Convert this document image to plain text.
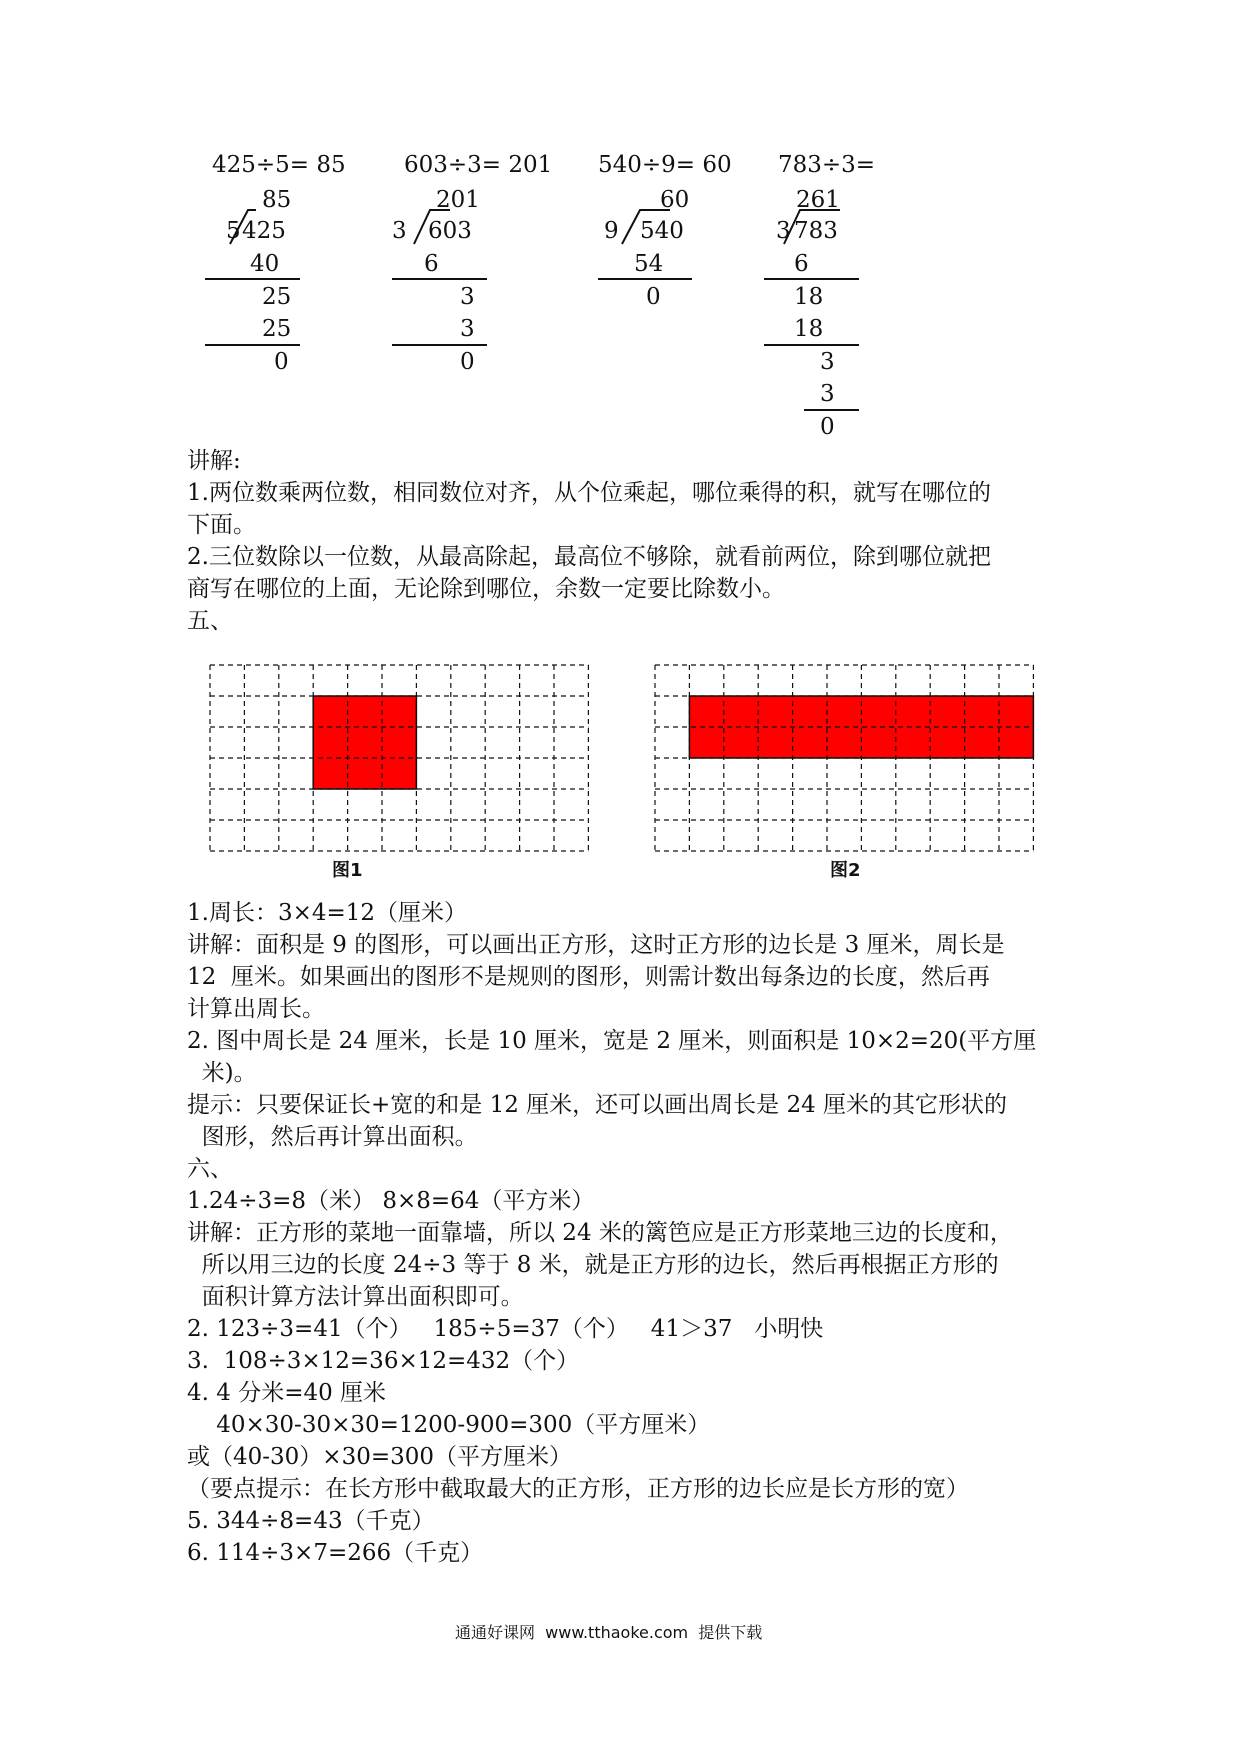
425÷5= 85
85
5 425
40
25
25
0
603÷3= 201
201
3 603
6
3
3
0
540÷9= 60
60
9 540
54
0
783÷3=
261
3 783
6
18
18
3
3
0
讲解:
1.两位数乘两位数，相同数位对齐，从个位乘起，哪位乘得的积，就写在哪位的
下面。
2.三位数除以一位数，从最高除起，最高位不够除，就看前两位，除到哪位就把
商写在哪位的上面，无论除到哪位，余数一定要比除数小。
五、
图1	图2
1.周长：3×4=12（厘米）
讲解：面积是 9 的图形，可以画出正方形，这时正方形的边长是 3 厘米，周长是
12  厘米。如果画出的图形不是规则的图形，则需计数出每条边的长度，然后再
计算出周长。
2. 图中周长是 24 厘米，长是 10 厘米，宽是 2 厘米，则面积是 10×2=20(平方厘
米)。
提示：只要保证长+宽的和是 12 厘米，还可以画出周长是 24 厘米的其它形状的
图形，然后再计算出面积。
六、
1.24÷3=8（米） 8×8=64（平方米）
讲解：正方形的菜地一面靠墙，所以 24 米的篱笆应是正方形菜地三边的长度和，
所以用三边的长度 24÷3 等于 8 米，就是正方形的边长，然后再根据正方形的
面积计算方法计算出面积即可。
2. 123÷3=41（个）   185÷5=37（个）   41＞37   小明快
3.  108÷3×12=36×12=432（个）
4. 4 分米=40 厘米
40×30-30×30=1200-900=300（平方厘米）
或（40-30）×30=300（平方厘米）
（要点提示：在长方形中截取最大的正方形，正方形的边长应是长方形的宽）
5. 344÷8=43（千克）
6. 114÷3×7=266（千克）
通通好课网  www.tthaoke.com  提供下载
